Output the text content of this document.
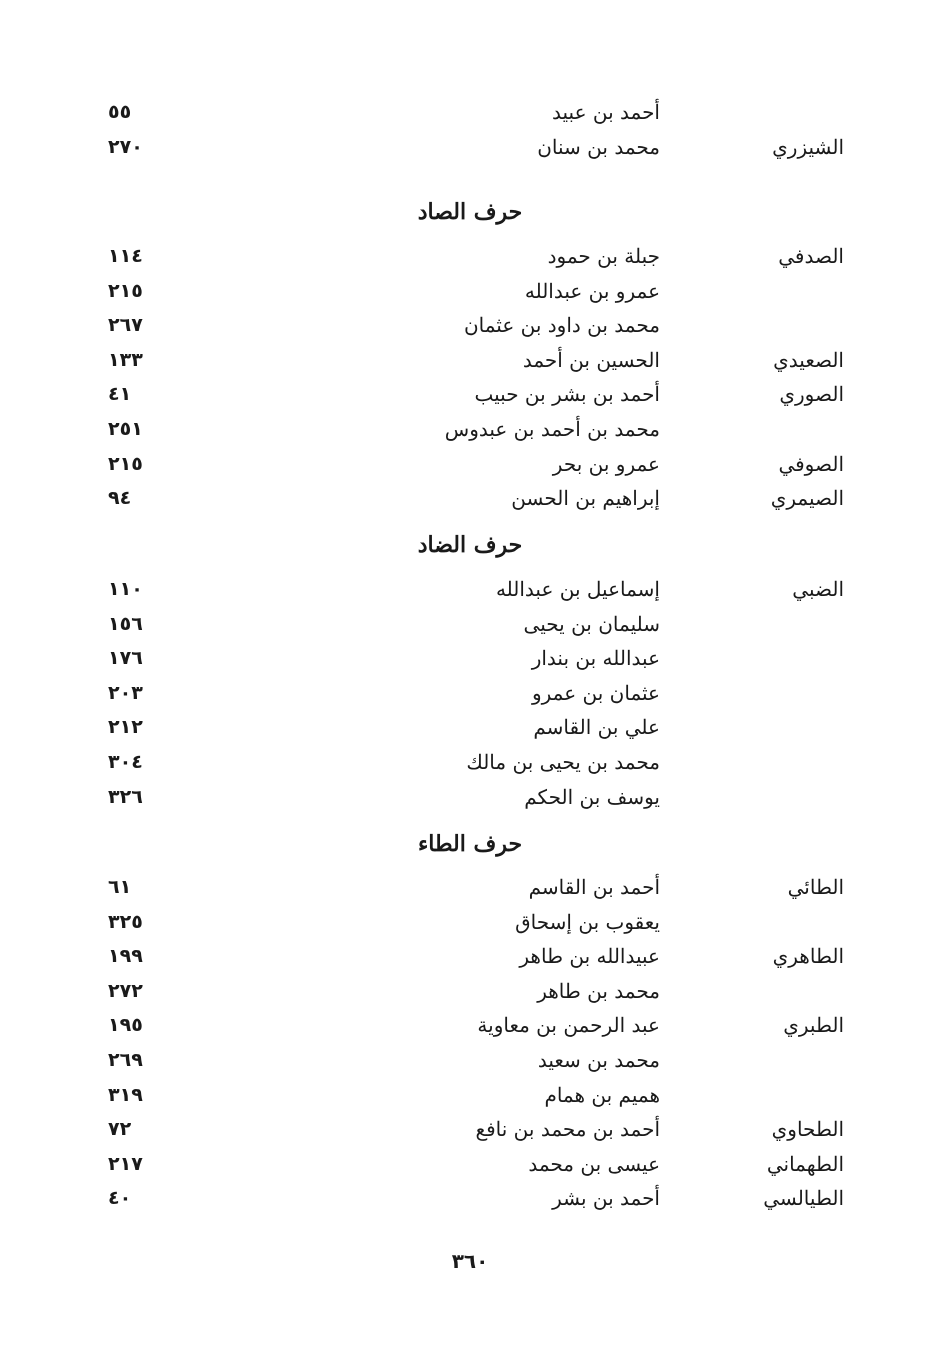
أحمد بن عبيد
٥٥
الشيزري
محمد بن سنان
٢٧٠
حرف الصاد
الصدفي
جبلة بن حمود
١١٤
عمرو بن عبدالله
٢١٥
محمد بن داود بن عثمان
٢٦٧
الصعيدي
الحسين بن أحمد
١٣٣
الصوري
أحمد بن بشر بن حبيب
٤١
محمد بن أحمد بن عبدوس
٢٥١
الصوفي
عمرو بن بحر
٢١٥
الصيمري
إبراهيم بن الحسن
٩٤
حرف الضاد
الضبي
إسماعيل بن عبدالله
١١٠
سليمان بن يحيى
١٥٦
عبدالله بن بندار
١٧٦
عثمان بن عمرو
٢٠٣
علي بن القاسم
٢١٢
محمد بن يحيى بن مالك
٣٠٤
يوسف بن الحكم
٣٢٦
حرف الطاء
الطائي
أحمد بن القاسم
٦١
يعقوب بن إسحاق
٣٢٥
الطاهري
عبيدالله بن طاهر
١٩٩
محمد بن طاهر
٢٧٢
الطبري
عبد الرحمن بن معاوية
١٩٥
محمد بن سعيد
٢٦٩
هميم بن همام
٣١٩
الطحاوي
أحمد بن محمد بن نافع
٧٢
الطهماني
عيسى بن محمد
٢١٧
الطيالسي
أحمد بن بشر
٤٠
٣٦٠
